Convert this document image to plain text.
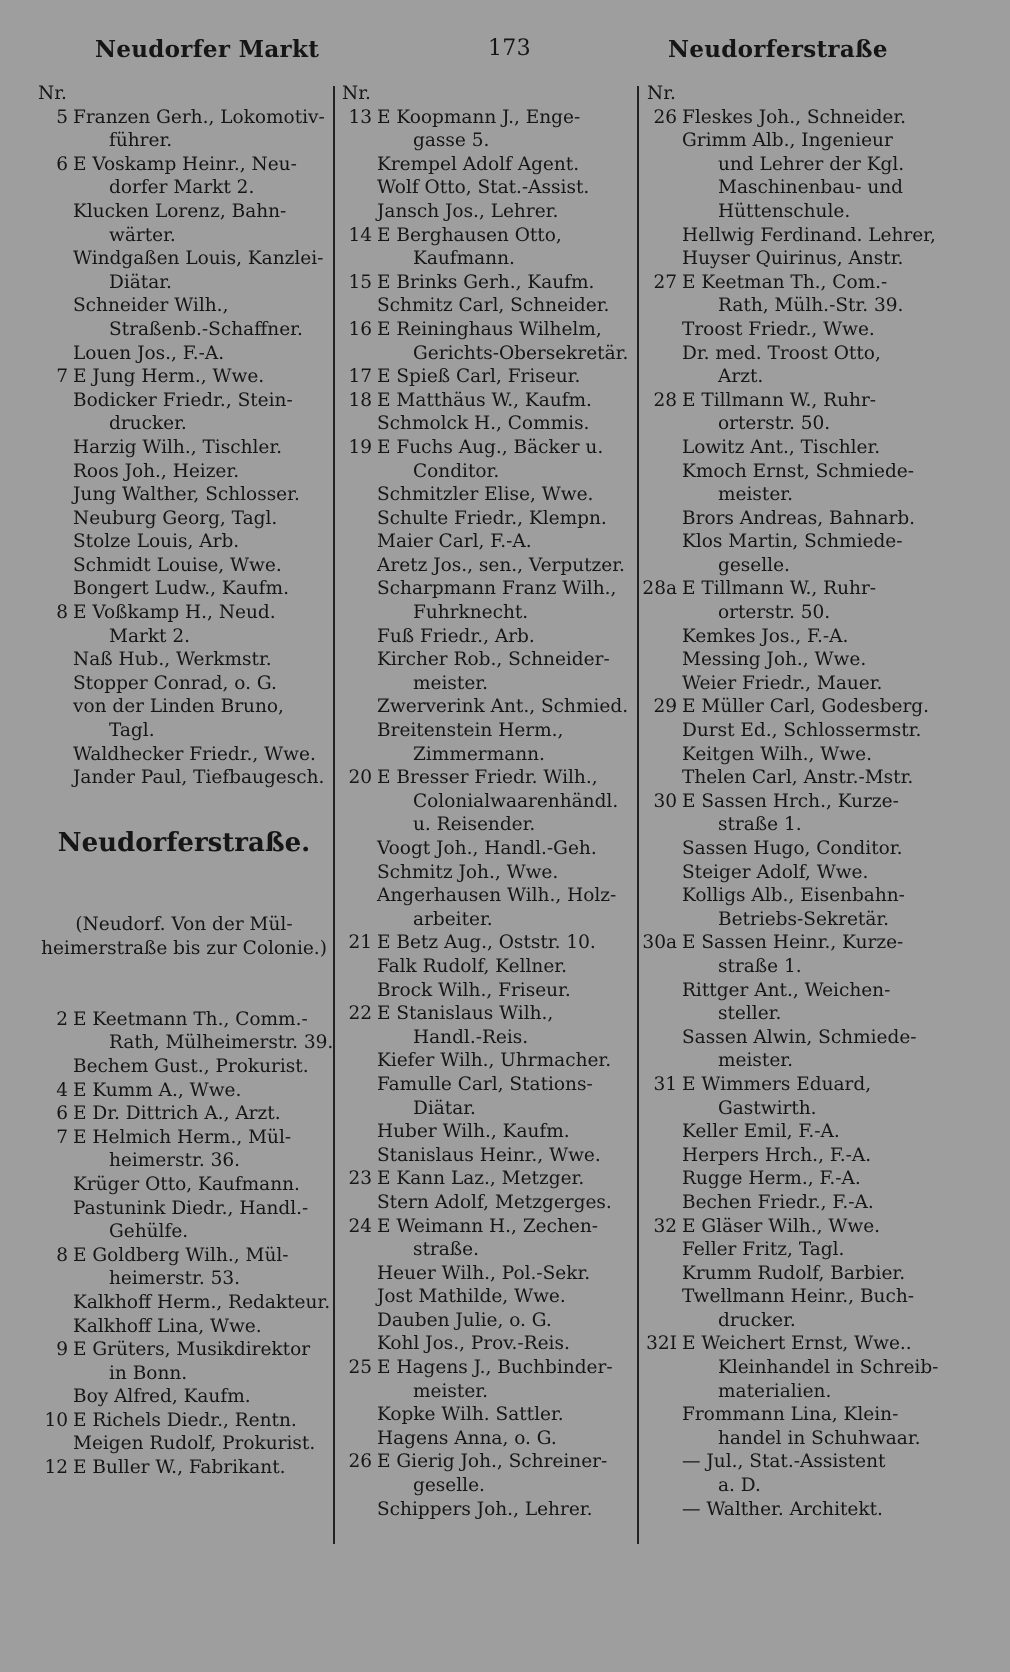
Neudorfer Markt	173	Neudorferstraße
Nr.
5 Franzen Gerh., Lokomotiv-
führer.
6 E Voskamp Heinr., Neu-
dorfer Markt 2.
Klucken Lorenz, Bahn-
wärter.
Windgaßen Louis, Kanzlei-
Diätar.
Schneider Wilh.,
Straßenb.-Schaffner.
Louen Jos., F.-A.
7 E Jung Herm., Wwe.
Bodicker Friedr., Stein-
drucker.
Harzig Wilh., Tischler.
Roos Joh., Heizer.
Jung Walther, Schlosser.
Neuburg Georg, Tagl.
Stolze Louis, Arb.
Schmidt Louise, Wwe.
Bongert Ludw., Kaufm.
8 E Voßkamp H., Neud.
Markt 2.
Naß Hub., Werkmstr.
Stopper Conrad, o. G.
von der Linden Bruno,
Tagl.
Waldhecker Friedr., Wwe.
Jander Paul, Tiefbaugesch.
Neudorferstraße.
(Neudorf. Von der Mül-
heimerstraße bis zur Colonie.)
2 E Keetmann Th., Comm.-
Rath, Mülheimerstr. 39.
Bechem Gust., Prokurist.
4 E Kumm A., Wwe.
6 E Dr. Dittrich A., Arzt.
7 E Helmich Herm., Mül-
heimerstr. 36.
Krüger Otto, Kaufmann.
Pastunink Diedr., Handl.-
Gehülfe.
8 E Goldberg Wilh., Mül-
heimerstr. 53.
Kalkhoff Herm., Redakteur.
Kalkhoff Lina, Wwe.
9 E Grüters, Musikdirektor
in Bonn.
Boy Alfred, Kaufm.
10 E Richels Diedr., Rentn.
Meigen Rudolf, Prokurist.
12 E Buller W., Fabrikant.
Nr.
13 E Koopmann J., Enge-
gasse 5.
Krempel Adolf Agent.
Wolf Otto, Stat.-Assist.
Jansch Jos., Lehrer.
14 E Berghausen Otto,
Kaufmann.
15 E Brinks Gerh., Kaufm.
Schmitz Carl, Schneider.
16 E Reininghaus Wilhelm,
Gerichts-Obersekretär.
17 E Spieß Carl, Friseur.
18 E Matthäus W., Kaufm.
Schmolck H., Commis.
19 E Fuchs Aug., Bäcker u.
Conditor.
Schmitzler Elise, Wwe.
Schulte Friedr., Klempn.
Maier Carl, F.-A.
Aretz Jos., sen., Verputzer.
Scharpmann Franz Wilh.,
Fuhrknecht.
Fuß Friedr., Arb.
Kircher Rob., Schneider-
meister.
Zwerverink Ant., Schmied.
Breitenstein Herm.,
Zimmermann.
20 E Bresser Friedr. Wilh.,
Colonialwaarenhändl.
u. Reisender.
Voogt Joh., Handl.-Geh.
Schmitz Joh., Wwe.
Angerhausen Wilh., Holz-
arbeiter.
21 E Betz Aug., Oststr. 10.
Falk Rudolf, Kellner.
Brock Wilh., Friseur.
22 E Stanislaus Wilh.,
Handl.-Reis.
Kiefer Wilh., Uhrmacher.
Famulle Carl, Stations-
Diätar.
Huber Wilh., Kaufm.
Stanislaus Heinr., Wwe.
23 E Kann Laz., Metzger.
Stern Adolf, Metzgerges.
24 E Weimann H., Zechen-
straße.
Heuer Wilh., Pol.-Sekr.
Jost Mathilde, Wwe.
Dauben Julie, o. G.
Kohl Jos., Prov.-Reis.
25 E Hagens J., Buchbinder-
meister.
Kopke Wilh. Sattler.
Hagens Anna, o. G.
26 E Gierig Joh., Schreiner-
geselle.
Schippers Joh., Lehrer.
Nr.
26 Fleskes Joh., Schneider.
Grimm Alb., Ingenieur
und Lehrer der Kgl.
Maschinenbau- und
Hüttenschule.
Hellwig Ferdinand. Lehrer,
Huyser Quirinus, Anstr.
27 E Keetman Th., Com.-
Rath, Mülh.-Str. 39.
Troost Friedr., Wwe.
Dr. med. Troost Otto,
Arzt.
28 E Tillmann W., Ruhr-
orterstr. 50.
Lowitz Ant., Tischler.
Kmoch Ernst, Schmiede-
meister.
Brors Andreas, Bahnarb.
Klos Martin, Schmiede-
geselle.
28a E Tillmann W., Ruhr-
orterstr. 50.
Kemkes Jos., F.-A.
Messing Joh., Wwe.
Weier Friedr., Mauer.
29 E Müller Carl, Godesberg.
Durst Ed., Schlossermstr.
Keitgen Wilh., Wwe.
Thelen Carl, Anstr.-Mstr.
30 E Sassen Hrch., Kurze-
straße 1.
Sassen Hugo, Conditor.
Steiger Adolf, Wwe.
Kolligs Alb., Eisenbahn-
Betriebs-Sekretär.
30a E Sassen Heinr., Kurze-
straße 1.
Rittger Ant., Weichen-
steller.
Sassen Alwin, Schmiede-
meister.
31 E Wimmers Eduard,
Gastwirth.
Keller Emil, F.-A.
Herpers Hrch., F.-A.
Rugge Herm., F.-A.
Bechen Friedr., F.-A.
32 E Gläser Wilh., Wwe.
Feller Fritz, Tagl.
Krumm Rudolf, Barbier.
Twellmann Heinr., Buch-
drucker.
32I E Weichert Ernst, Wwe..
Kleinhandel in Schreib-
materialien.
Frommann Lina, Klein-
handel in Schuhwaar.
— Jul., Stat.-Assistent
a. D.
— Walther. Architekt.
